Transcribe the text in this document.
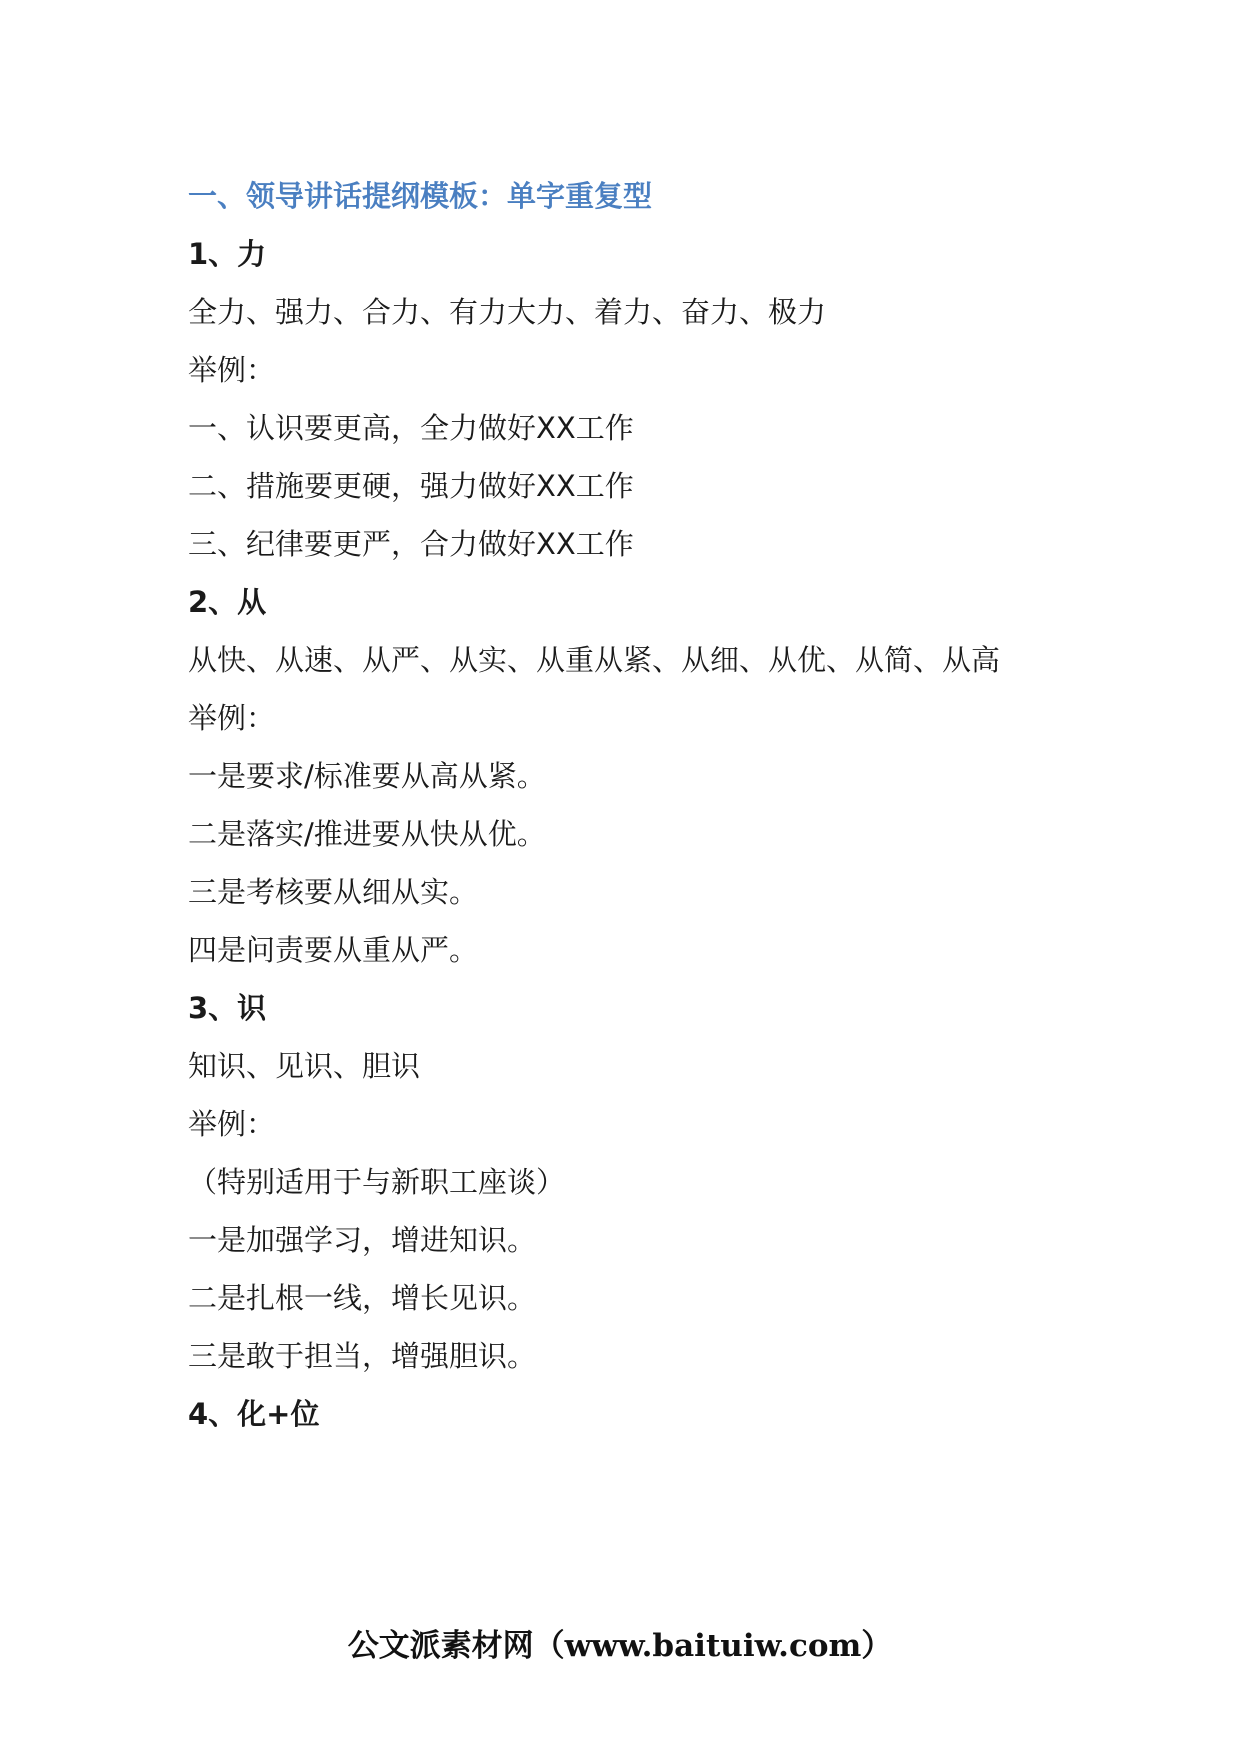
一、领导讲话提纲模板：单字重复型
1、力
全力、强力、合力、有力大力、着力、奋力、极力
举例：
一、认识要更高，全力做好XX工作
二、措施要更硬，强力做好XX工作
三、纪律要更严，合力做好XX工作
2、从
从快、从速、从严、从实、从重从紧、从细、从优、从简、从高
举例：
一是要求/标准要从高从紧。
二是落实/推进要从快从优。
三是考核要从细从实。
四是问责要从重从严。
3、识
知识、见识、胆识
举例：
（特别适用于与新职工座谈）
一是加强学习，增进知识。
二是扎根一线，增长见识。
三是敢于担当，增强胆识。
4、化+位
公文派素材网（www.baituiw.com）
